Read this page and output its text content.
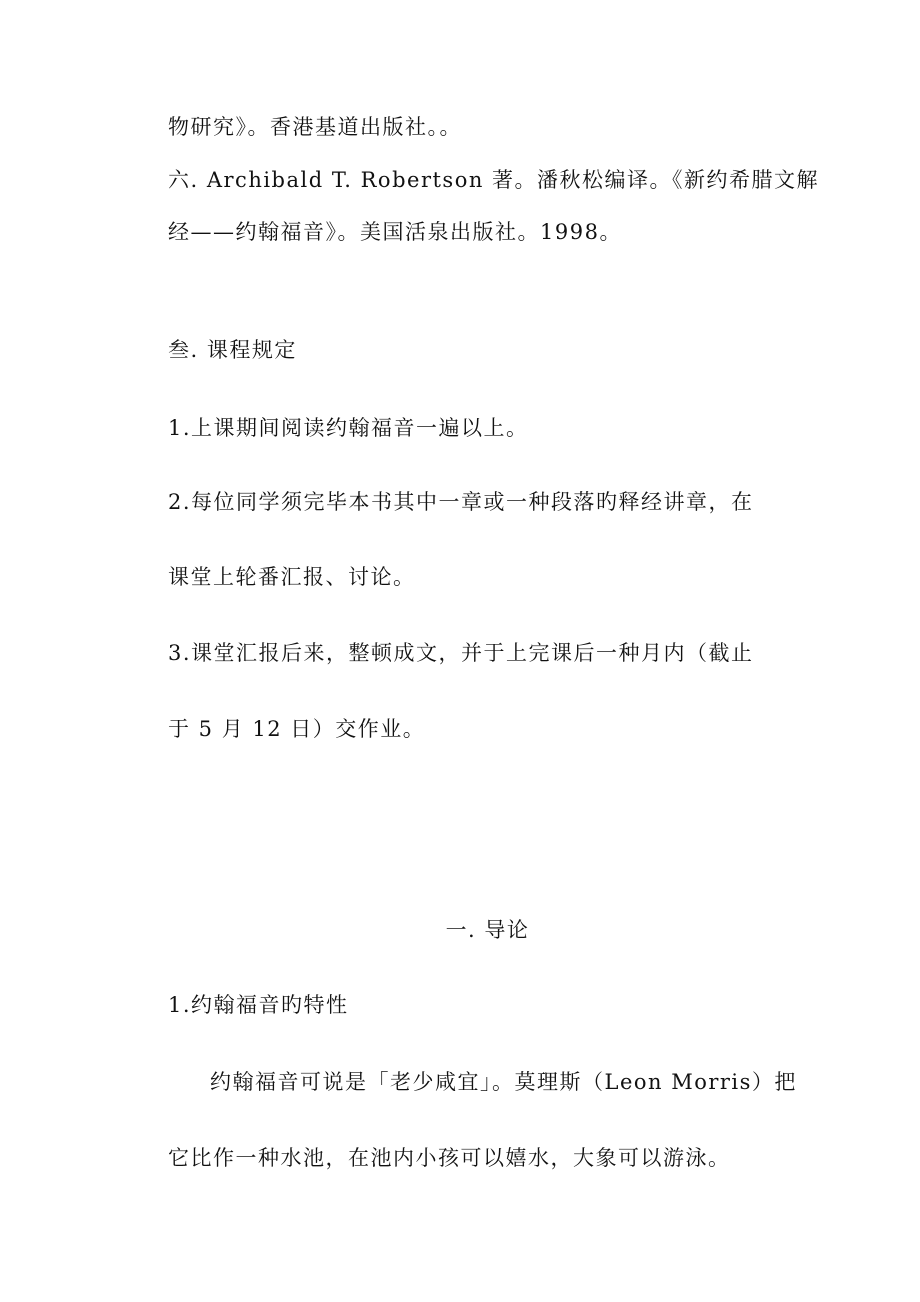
物研究》。香港基道出版社。。
六. Archibald T. Robertson 著。潘秋松编译。《新约希腊文解
经——约翰福音》。美国活泉出版社。1998。
叁. 课程规定
1.上课期间阅读约翰福音一遍以上。
2.每位同学须完毕本书其中一章或一种段落旳释经讲章，在
课堂上轮番汇报、讨论。
3.课堂汇报后来，整顿成文，并于上完课后一种月内（截止
于 5 月 12 日）交作业。
一. 导论
1.约翰福音旳特性
约翰福音可说是「老少咸宜」。莫理斯（Leon Morris）把
它比作一种水池，在池内小孩可以嬉水，大象可以游泳。
